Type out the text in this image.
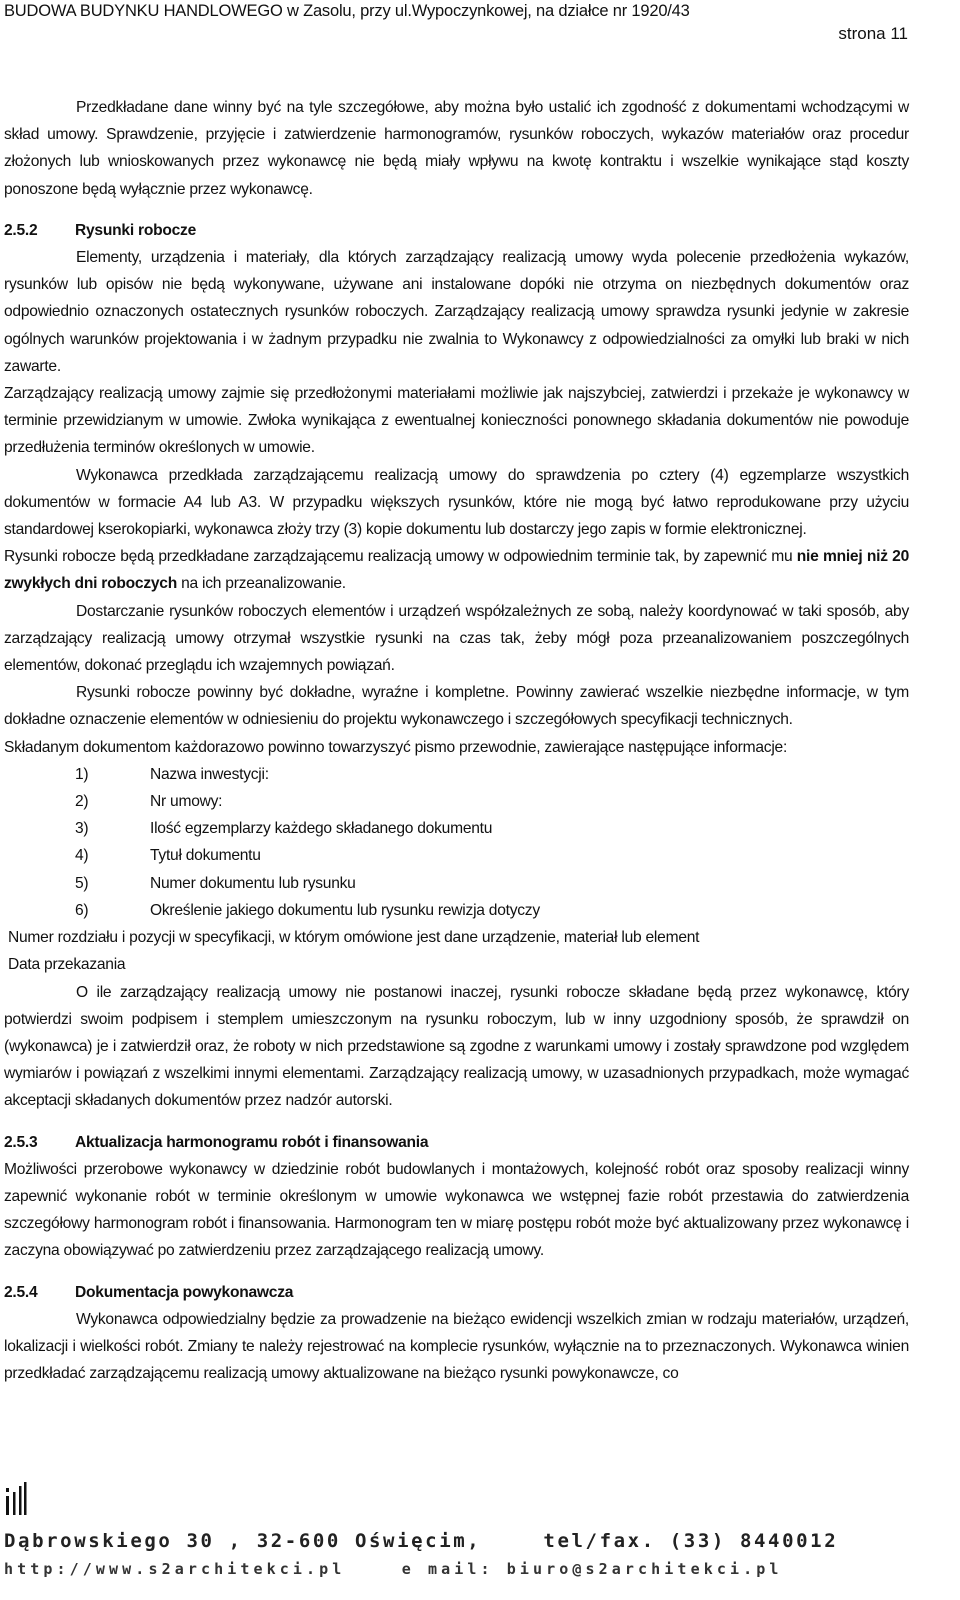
BUDOWA BUDYNKU HANDLOWEGO w Zasolu, przy ul.Wypoczynkowej, na działce nr 1920/43
strona 11

Przedkładane dane winny być na tyle szczegółowe, aby można było ustalić ich zgodność z dokumentami wchodzącymi w skład umowy. Sprawdzenie, przyjęcie i zatwierdzenie harmonogramów, rysunków roboczych, wykazów materiałów oraz procedur złożonych lub wnioskowanych przez wykonawcę nie będą miały wpływu na kwotę kontraktu i wszelkie wynikające stąd koszty ponoszone będą wyłącznie przez wykonawcę.

2.5.2	Rysunki robocze

Elementy, urządzenia i materiały, dla których zarządzający realizacją umowy wyda polecenie przedłożenia wykazów, rysunków lub opisów nie będą wykonywane, używane ani instalowane dopóki nie otrzyma on niezbędnych dokumentów oraz odpowiednio oznaczonych ostatecznych rysunków roboczych. Zarządzający realizacją umowy sprawdza rysunki jedynie w zakresie ogólnych warunków projektowania i w żadnym przypadku nie zwalnia to Wykonawcy z odpowiedzialności za omyłki lub braki w nich zawarte.

Zarządzający realizacją umowy zajmie się przedłożonymi materiałami możliwie jak najszybciej, zatwierdzi i przekaże je wykonawcy w terminie przewidzianym w umowie. Zwłoka wynikająca z ewentualnej konieczności ponownego składania dokumentów nie powoduje przedłużenia terminów określonych w umowie.

Wykonawca przedkłada zarządzającemu realizacją umowy do sprawdzenia po cztery (4) egzemplarze wszystkich dokumentów w formacie A4 lub A3. W przypadku większych rysunków, które nie mogą być łatwo reprodukowane przy użyciu standardowej kserokopiarki, wykonawca złoży trzy (3) kopie dokumentu lub dostarczy jego zapis w formie elektronicznej.

Rysunki robocze będą przedkładane zarządzającemu realizacją umowy w odpowiednim terminie tak, by zapewnić mu nie mniej niż 20 zwykłych dni roboczych na ich przeanalizowanie.

Dostarczanie rysunków roboczych elementów i urządzeń współzależnych ze sobą, należy koordynować w taki sposób, aby zarządzający realizacją umowy otrzymał wszystkie rysunki na czas tak, żeby mógł poza przeanalizowaniem poszczególnych elementów, dokonać przeglądu ich wzajemnych powiązań.

Rysunki robocze powinny być dokładne, wyraźne i kompletne. Powinny zawierać wszelkie niezbędne informacje, w tym dokładne oznaczenie elementów w odniesieniu do projektu wykonawczego i szczegółowych specyfikacji technicznych.

Składanym dokumentom każdorazowo powinno towarzyszyć pismo przewodnie, zawierające następujące informacje:

1)	Nazwa inwestycji:
2)	Nr umowy:
3)	Ilość egzemplarzy każdego składanego dokumentu
4)	Tytuł dokumentu
5)	Numer dokumentu lub rysunku
6)	Określenie jakiego dokumentu lub rysunku rewizja dotyczy

Numer rozdziału i pozycji w specyfikacji, w którym omówione jest dane urządzenie, materiał lub element

Data przekazania

O ile zarządzający realizacją umowy nie postanowi inaczej, rysunki robocze składane będą przez wykonawcę, który potwierdzi swoim podpisem i stemplem umieszczonym na rysunku roboczym, lub w inny uzgodniony sposób, że sprawdził on (wykonawca) je i zatwierdził oraz, że roboty w nich przedstawione są zgodne z warunkami umowy i zostały sprawdzone pod względem wymiarów i powiązań z wszelkimi innymi elementami. Zarządzający realizacją umowy, w uzasadnionych przypadkach, może wymagać akceptacji składanych dokumentów przez nadzór autorski.

2.5.3	Aktualizacja harmonogramu robót i finansowania

Możliwości przerobowe wykonawcy w dziedzinie robót budowlanych i montażowych, kolejność robót oraz sposoby realizacji winny zapewnić wykonanie robót w terminie określonym w umowie wykonawca we wstępnej fazie robót przestawia do zatwierdzenia szczegółowy harmonogram robót i finansowania. Harmonogram ten w miarę postępu robót może być aktualizowany przez wykonawcę i zaczyna obowiązywać po zatwierdzeniu przez zarządzającego realizacją umowy.

2.5.4	Dokumentacja powykonawcza

Wykonawca odpowiedzialny będzie za prowadzenie na bieżąco ewidencji wszelkich zmian w rodzaju materiałów, urządzeń, lokalizacji i wielkości robót. Zmiany te należy rejestrować na komplecie rysunków, wyłącznie na to przeznaczonych. Wykonawca winien przedkładać zarządzającemu realizacją umowy aktualizowane na bieżąco rysunki powykonawcze, co

Dąbrowskiego 30 , 32-600 Oświęcim,	tel/fax. (33) 8440012
http://www.s2architekci.pl	e mail: biuro@s2architekci.pl
